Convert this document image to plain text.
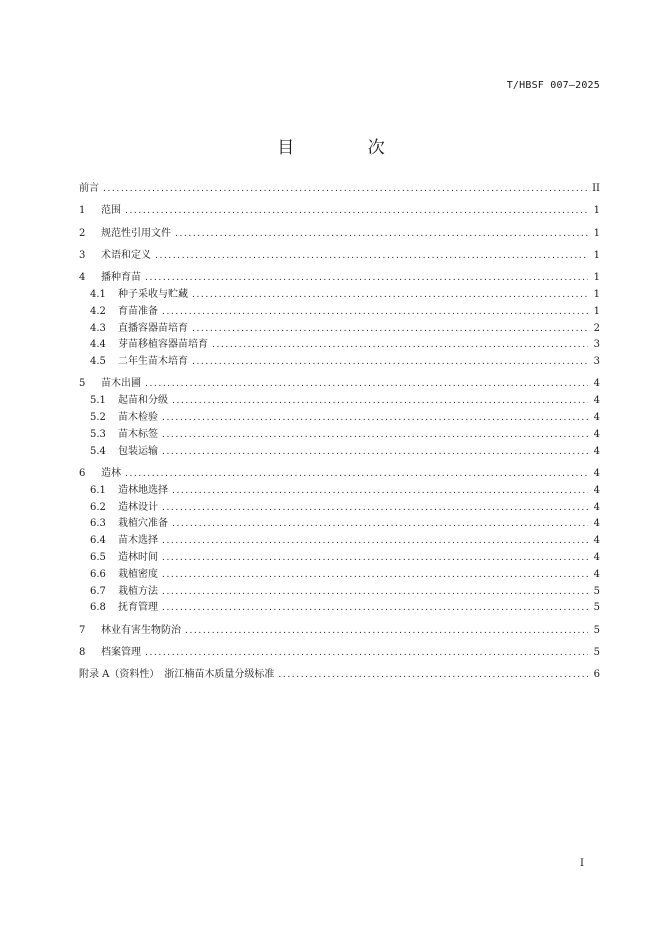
T/HBSF 007—2025
目 次
前言 .....	II
1	范围 .....	1
2	规范性引用文件 .....	1
3	术语和定义 .....	1
4	播种育苗 .....	1
4.1	种子采收与贮藏 .....	1
4.2	育苗准备 .....	1
4.3	直播容器苗培育 .....	2
4.4	芽苗移植容器苗培育 .....	3
4.5	二年生苗木培育 .....	3
5	苗木出圃 .....	4
5.1	起苗和分级 .....	4
5.2	苗木检验 .....	4
5.3	苗木标签 .....	4
5.4	包装运输 .....	4
6	造林 .....	4
6.1	造林地选择 .....	4
6.2	造林设计 .....	4
6.3	栽植穴准备 .....	4
6.4	苗木选择 .....	4
6.5	造林时间 .....	4
6.6	栽植密度 .....	4
6.7	栽植方法 .....	5
6.8	抚育管理 .....	5
7	林业有害生物防治 .....	5
8	档案管理 .....	5
附录 A（资料性）　浙江楠苗木质量分级标准 .....	6
I
